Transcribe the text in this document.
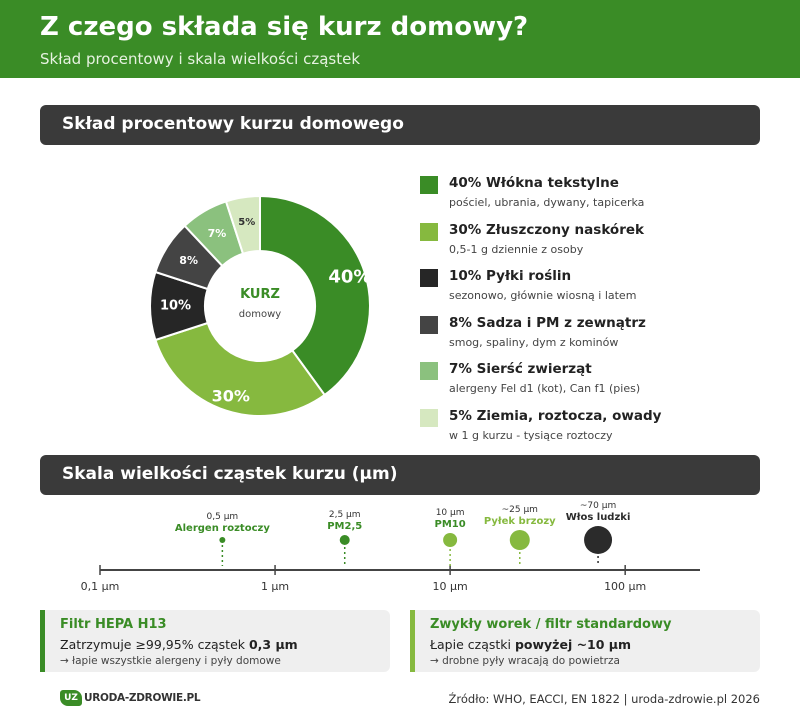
Z czego składa się kurz domowy?
Skład procentowy i skala wielkości cząstek
Skład procentowy kurzu domowego
40%
30%
10%
8%
7%
5%
KURZ
domowy
40% Włókna tekstylne
pościel, ubrania, dywany, tapicerka
30% Złuszczony naskórek
0,5-1 g dziennie z osoby
10% Pyłki roślin
sezonowo, głównie wiosną i latem
8% Sadza i PM z zewnątrz
smog, spaliny, dym z kominów
7% Sierść zwierząt
alergeny Fel d1 (kot), Can f1 (pies)
5% Ziemia, roztocza, owady
w 1 g kurzu - tysiące roztoczy
Skala wielkości cząstek kurzu (µm)
0,1 µm	1 µm	10 µm	100 µm
0,5 µm
Alergen roztoczy
2,5 µm
PM2,5
10 µm
PM10
~25 µm
Pyłek brzozy
~70 µm
Włos ludzki
Filtr HEPA H13
Zatrzymuje ≥99,95% cząstek 0,3 µm
→ łapie wszystkie alergeny i pyły domowe
Zwykły worek / filtr standardowy
Łapie cząstki powyżej ~10 µm
→ drobne pyły wracają do powietrza
UZ URODA-ZDROWIE.PL	Źródło: WHO, EACCI, EN 1822 | uroda-zdrowie.pl 2026
